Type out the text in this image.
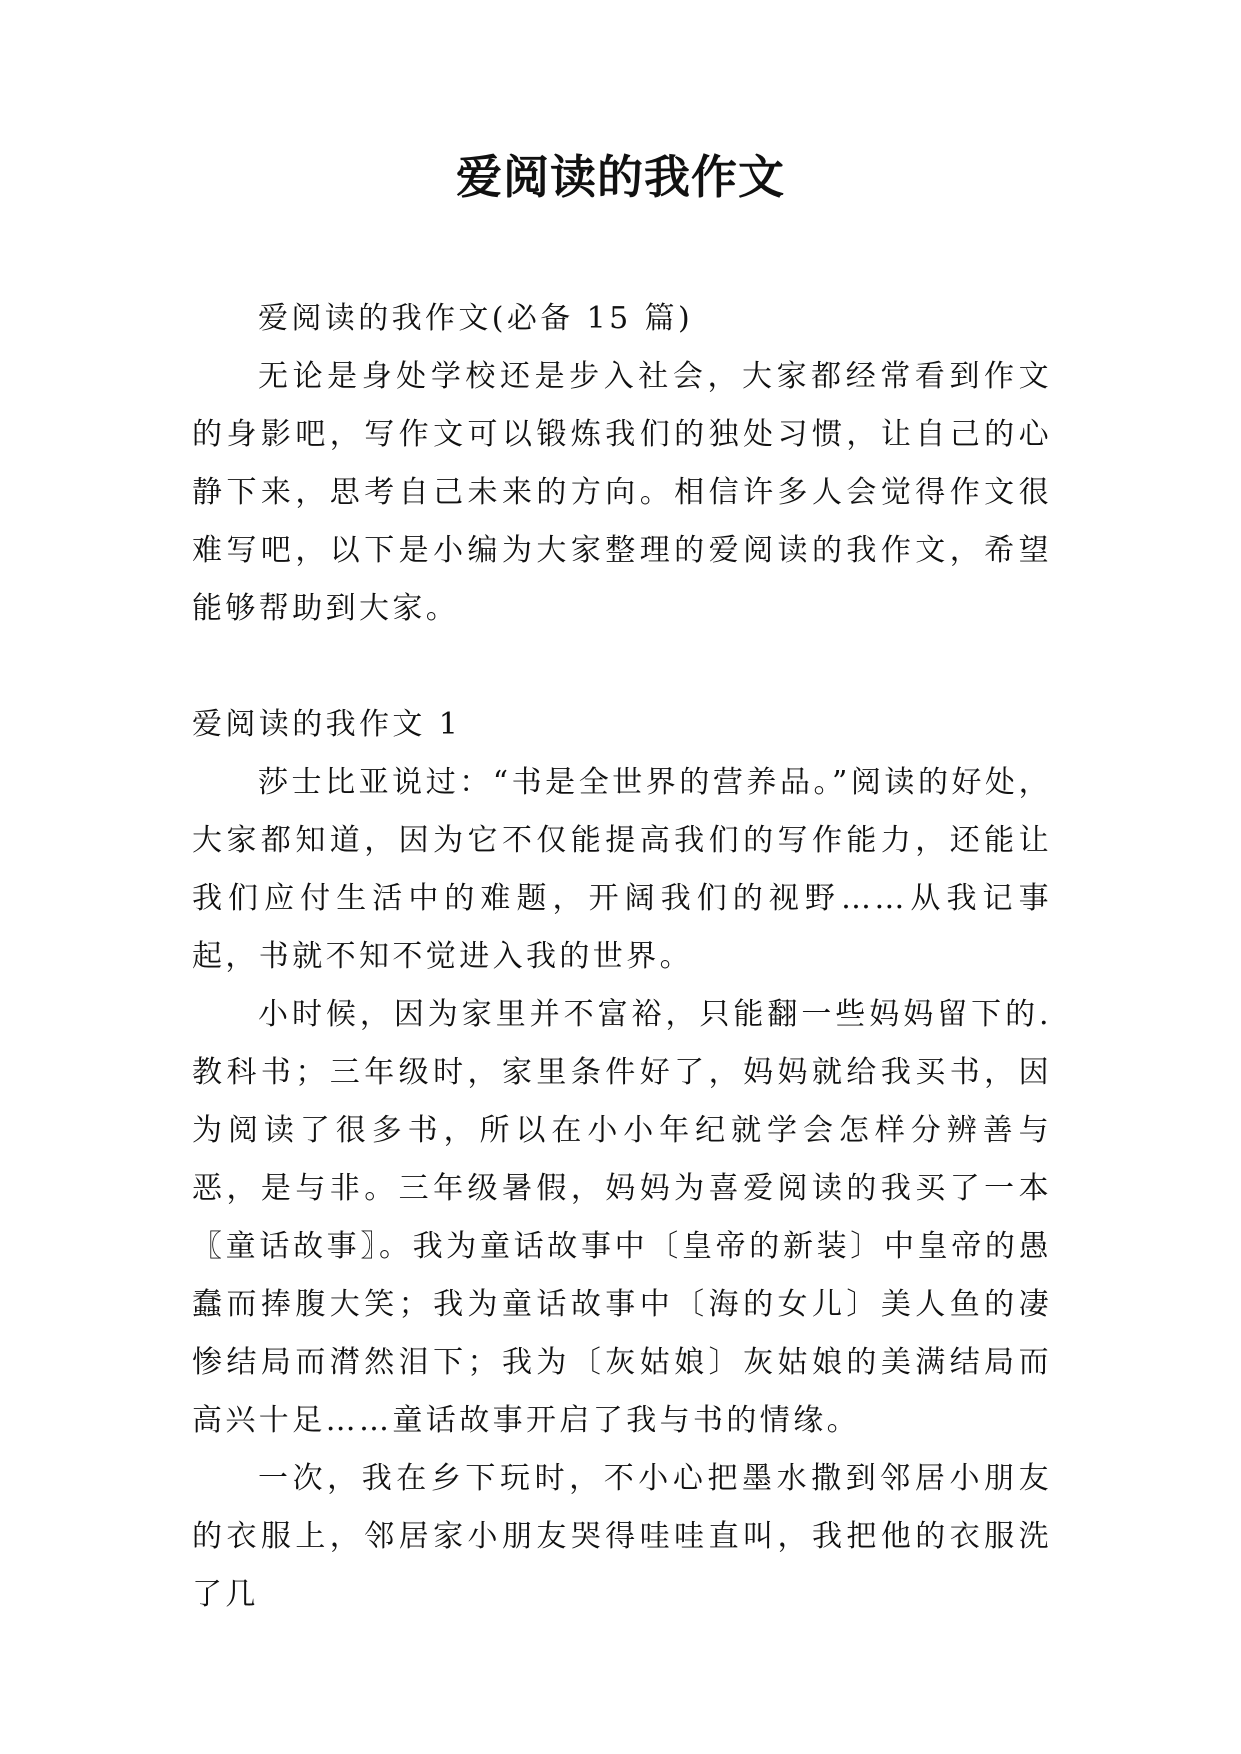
爱阅读的我作文

爱阅读的我作文(必备 15 篇)

无论是身处学校还是步入社会，大家都经常看到作文的身影吧，写作文可以锻炼我们的独处习惯，让自己的心静下来，思考自己未来的方向。相信许多人会觉得作文很难写吧，以下是小编为大家整理的爱阅读的我作文，希望能够帮助到大家。

爱阅读的我作文 1

莎士比亚说过：“书是全世界的营养品。”阅读的好处，大家都知道，因为它不仅能提高我们的写作能力，还能让我们应付生活中的难题，开阔我们的视野……从我记事起，书就不知不觉进入我的世界。

小时候，因为家里并不富裕，只能翻一些妈妈留下的.教科书；三年级时，家里条件好了，妈妈就给我买书，因为阅读了很多书，所以在小小年纪就学会怎样分辨善与恶，是与非。三年级暑假，妈妈为喜爱阅读的我买了一本〖童话故事〗。我为童话故事中〔皇帝的新装〕中皇帝的愚蠢而捧腹大笑；我为童话故事中〔海的女儿〕美人鱼的凄惨结局而潸然泪下；我为〔灰姑娘〕灰姑娘的美满结局而高兴十足……童话故事开启了我与书的情缘。

一次，我在乡下玩时，不小心把墨水撒到邻居小朋友的衣服上，邻居家小朋友哭得哇哇直叫，我把他的衣服洗了几
